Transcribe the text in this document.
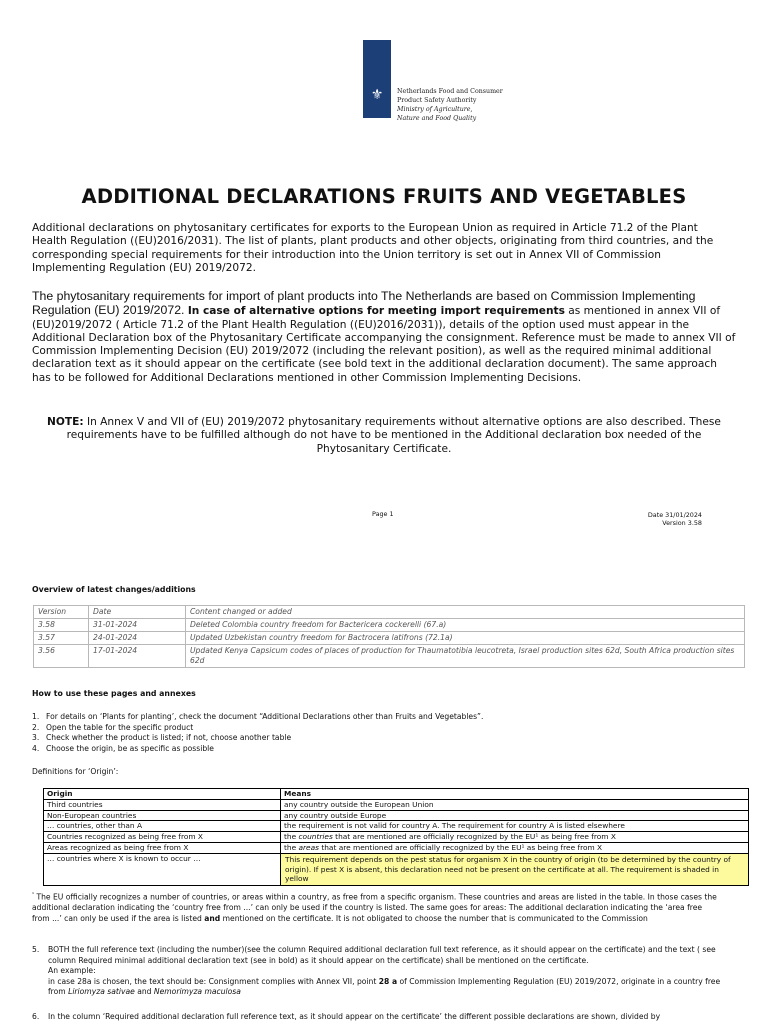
⚜	Netherlands Food and Consumer
Product Safety Authority
Ministry of Agriculture,
Nature and Food Quality
ADDITIONAL DECLARATIONS FRUITS AND VEGETABLES
Additional declarations on phytosanitary certificates for exports to the European Union as required in Article 71.2 of the Plant Health Regulation ((EU)2016/2031). The list of plants, plant products and other objects, originating from third countries, and the corresponding special requirements for their introduction into the Union territory is set out in Annex VII of Commission Implementing Regulation (EU) 2019/2072.
The phytosanitary requirements for import of plant products into The Netherlands are based on Commission Implementing Regulation (EU) 2019/2072. In case of alternative options for meeting import requirements as mentioned in annex VII of (EU)2019/2072 ( Article 71.2 of the Plant Health Regulation ((EU)2016/2031)), details of the option used must appear in the Additional Declaration box of the Phytosanitary Certificate accompanying the consignment. Reference must be made to annex VII of Commission Implementing Decision (EU) 2019/2072 (including the relevant position), as well as the required minimal additional declaration text as it should appear on the certificate (see bold text in the additional declaration document). The same approach has to be followed for Additional Declarations mentioned in other Commission Implementing Decisions.
NOTE: In Annex V and VII of (EU) 2019/2072 phytosanitary requirements without alternative options are also described. These requirements have to be fulfilled although do not have to be mentioned in the Additional declaration box needed of the Phytosanitary Certificate.
Page 1	Date 31/01/2024
Version 3.58
Overview of latest changes/additions
Version	Date	Content changed or added
3.58	31-01-2024	Deleted Colombia country freedom for Bactericera cockerelli (67.a)
3.57	24-01-2024	Updated Uzbekistan country freedom for Bactrocera latifrons (72.1a)
3.56	17-01-2024	Updated Kenya Capsicum codes of places of production for Thaumatotibia leucotreta, Israel production sites 62d, South Africa production sites 62d
How to use these pages and annexes
1. For details on ‘Plants for planting’, check the document “Additional Declarations other than Fruits and Vegetables”.
2. Open the table for the specific product
3. Check whether the product is listed; if not, choose another table
4. Choose the origin, be as specific as possible
Definitions for ‘Origin’:
Origin	Means
Third countries	any country outside the European Union
Non-European countries	any country outside Europe
… countries, other than A	the requirement is not valid for country A. The requirement for country A is listed elsewhere
Countries recognized as being free from X	the countries that are mentioned are officially recognized by the EU¹ as being free from X
Areas recognized as being free from X	the areas that are mentioned are officially recognized by the EU¹ as being free from X
… countries where X is known to occur …	This requirement depends on the pest status for organism X in the country of origin (to be determined by the country of origin). If pest X is absent, this declaration need not be present on the certificate at all. The requirement is shaded in yellow
$^{^1}$ The EU officially recognizes a number of countries, or areas within a country, as free from a specific organism. These countries and areas are listed in the table. In those cases the additional declaration indicating the ‘country free from ...’ can only be used if the country is listed. The same goes for areas: The additional declaration indicating the ‘area free from ...’ can only be used if the area is listed and mentioned on the certificate. It is not obligated to choose the number that is communicated to the Commission
5. BOTH the full reference text (including the number)(see the column Required additional declaration full text reference, as it should appear on the certificate) and the text ( see column Required minimal additional declaration text (see in bold) as it should appear on the certificate) shall be mentioned on the certificate.
An example:
in case 28a is chosen, the text should be: Consignment complies with Annex VII, point 28 a of Commission Implementing Regulation (EU) 2019/2072, originate in a country free from Liriomyza sativae and Nemorimyza maculosa
6.	In the column ‘Required additional declaration full reference text, as it should appear on the certificate’ the different possible declarations are shown, divided by
